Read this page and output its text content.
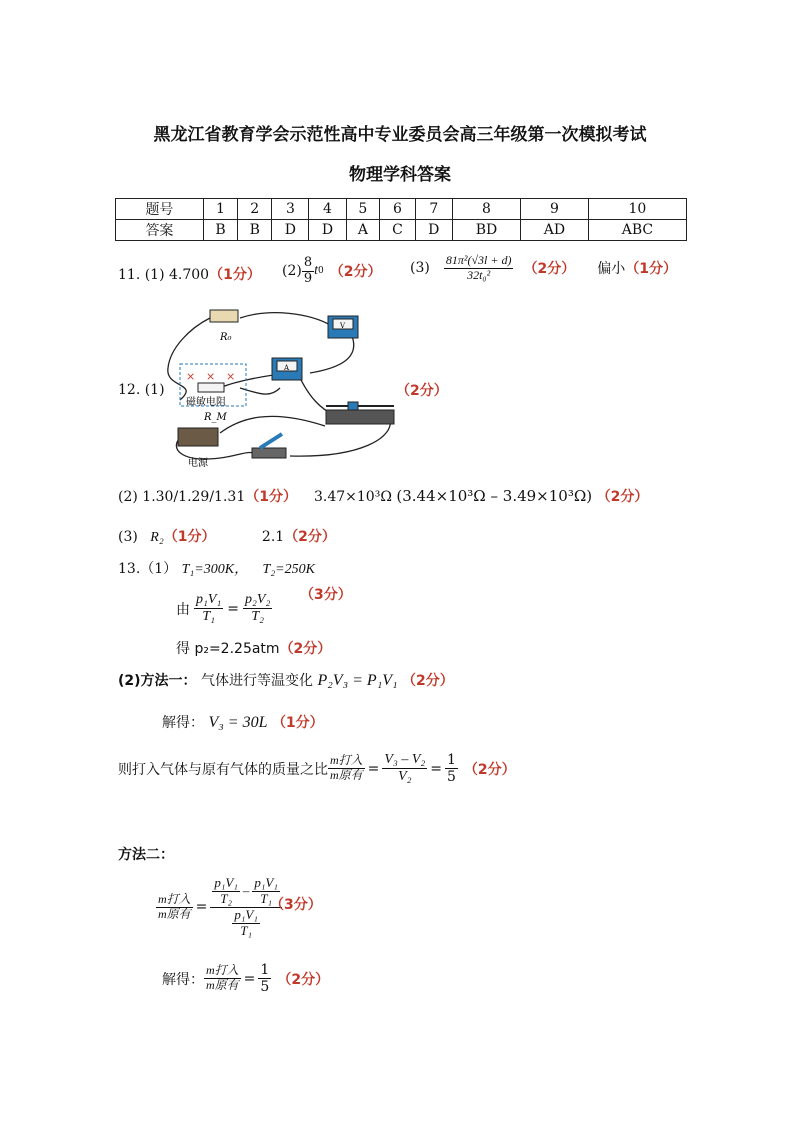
黑龙江省教育学会示范性高中专业委员会高三年级第一次模拟考试
物理学科答案
题号	1	2	3	4	5	6	7	8	9	10
答案	B	B	D	D	A	C	D	BD	AD	ABC
11. (1) 4.700（1分） $(2) \frac{8}{9}$ t 0 （2分） $(3) \frac{\text{81π²(√3l + d)}}{\text{32t₀²}} (2$分） 偏小 （1分）
12. (1)	（2分）
R₀
V
A
× × ×
磁敏电阻
R_M
电源
(2) 1.30/1.29/1.31（1分） 3.47×10³Ω (3.44×10³Ω – 3.49×10³Ω) （2分）
(3) R₂（1分）	2.1（2分）
13.（1） T₁=300K， T₂=250K
由 $\frac{\text{p₁V₁}}{\text{T₁}} = \frac{\text{p₂V₂}}{\text{T₂}} (3$分）
得 p₂=2.25atm（2分）
(2)方法一： 气体进行等温变化 P₂V₃ = P₁V₁ （2分）
解得： V₃ = 30L （1分）
则打入气体与原有气体的质量之比 $\frac{\text{m打入}}{\text{m原有}} = \frac{\text{V₃ – V₂}}{\text{V₂}} = \frac{1}{5} (2$分）
方法二：
$\frac{\text{m打入}}{\text{m原有}} = \frac{\frac{\text{p₁V₁}}{\text{T₂}} - \frac{\text{p₁V₁}}{\text{T₁}}}{\frac{\text{p₁V₁}}{\text{T₁}}}$
（3分）
解得： $\frac{\text{m打入}}{\text{m原有}} = \frac{1}{5} (2$分）
